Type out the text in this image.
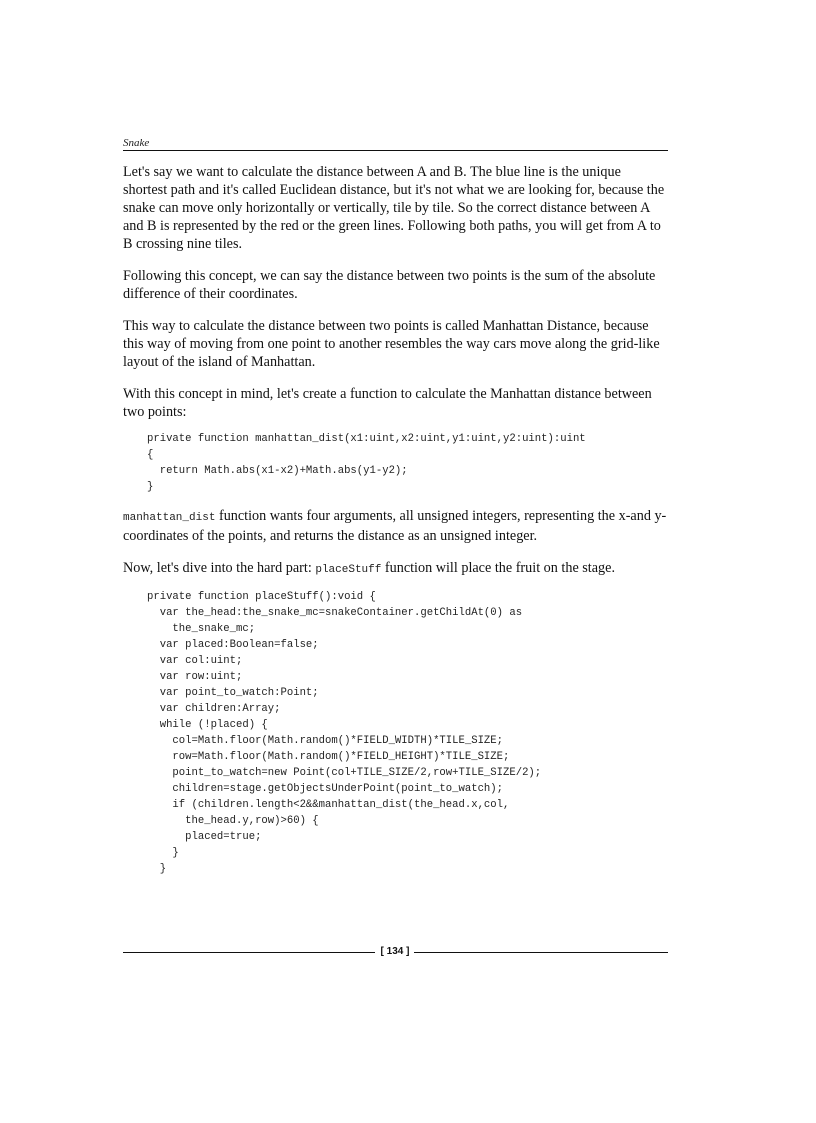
Snake

Let's say we want to calculate the distance between A and B. The blue line is the unique shortest path and it's called Euclidean distance, but it's not what we are looking for, because the snake can move only horizontally or vertically, tile by tile. So the correct distance between A and B is represented by the red or the green lines. Following both paths, you will get from A to B crossing nine tiles.

Following this concept, we can say the distance between two points is the sum of the absolute difference of their coordinates.

This way to calculate the distance between two points is called Manhattan Distance, because this way of moving from one point to another resembles the way cars move along the grid-like layout of the island of Manhattan.

With this concept in mind, let's create a function to calculate the Manhattan distance between two points:

private function manhattan_dist(x1:uint,x2:uint,y1:uint,y2:uint):uint
{
return Math.abs(x1-x2)+Math.abs(y1-y2);
}

manhattan_dist function wants four arguments, all unsigned integers, representing the x-and y-coordinates of the points, and returns the distance as an unsigned integer.

Now, let's dive into the hard part: placeStuff function will place the fruit on the stage.

private function placeStuff():void {
var the_head:the_snake_mc=snakeContainer.getChildAt(0) as
the_snake_mc;
var placed:Boolean=false;
var col:uint;
var row:uint;
var point_to_watch:Point;
var children:Array;
while (!placed) {
col=Math.floor(Math.random()*FIELD_WIDTH)*TILE_SIZE;
row=Math.floor(Math.random()*FIELD_HEIGHT)*TILE_SIZE;
point_to_watch=new Point(col+TILE_SIZE/2,row+TILE_SIZE/2);
children=stage.getObjectsUnderPoint(point_to_watch);
if (children.length<2&&manhattan_dist(the_head.x,col,
the_head.y,row)>60) {
placed=true;
}
}
[ 134 ]
